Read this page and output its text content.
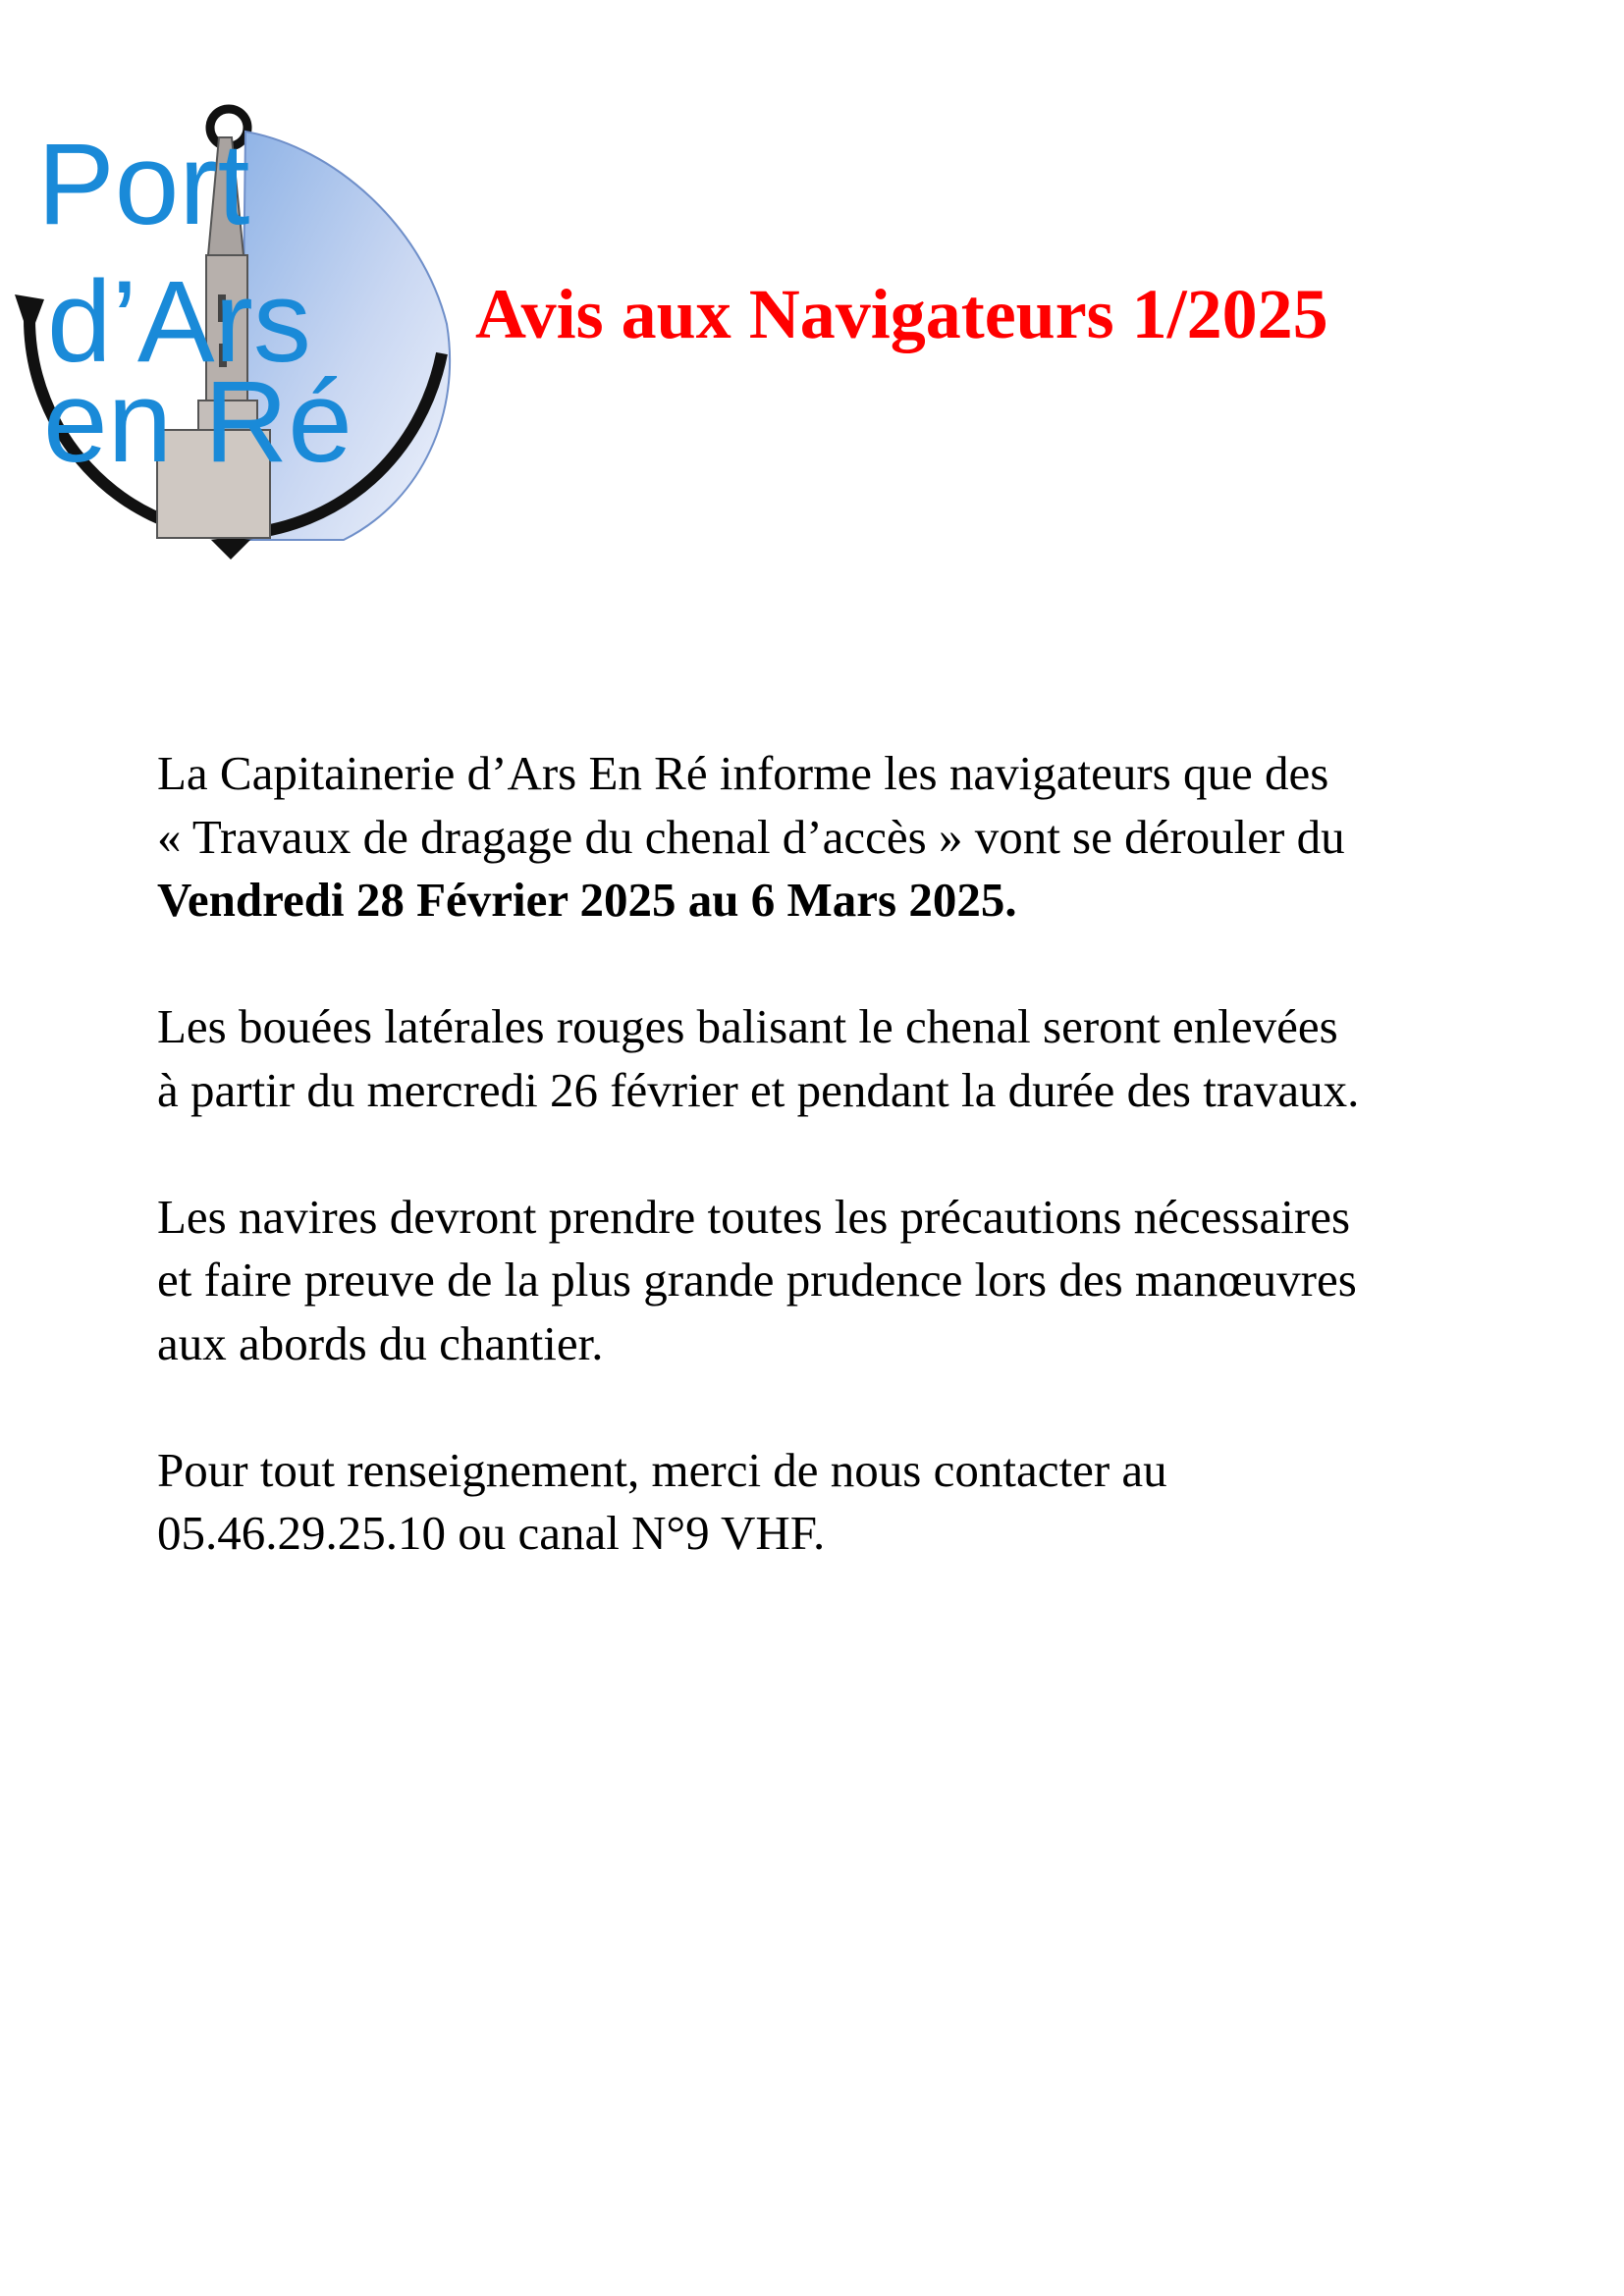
Port
d’Ars
en Ré
Avis aux Navigateurs 1/2025

La Capitainerie d’Ars En Ré informe les navigateurs que des
« Travaux de dragage du chenal d’accès » vont se dérouler du
Vendredi 28 Février 2025 au 6 Mars 2025.

Les bouées latérales rouges balisant le chenal seront enlevées
à partir du mercredi 26 février et pendant la durée des travaux.

Les navires devront prendre toutes les précautions nécessaires
et faire preuve de la plus grande prudence lors des manœuvres
aux abords du chantier.

Pour tout renseignement, merci de nous contacter au
05.46.29.25.10 ou canal N°9 VHF.
